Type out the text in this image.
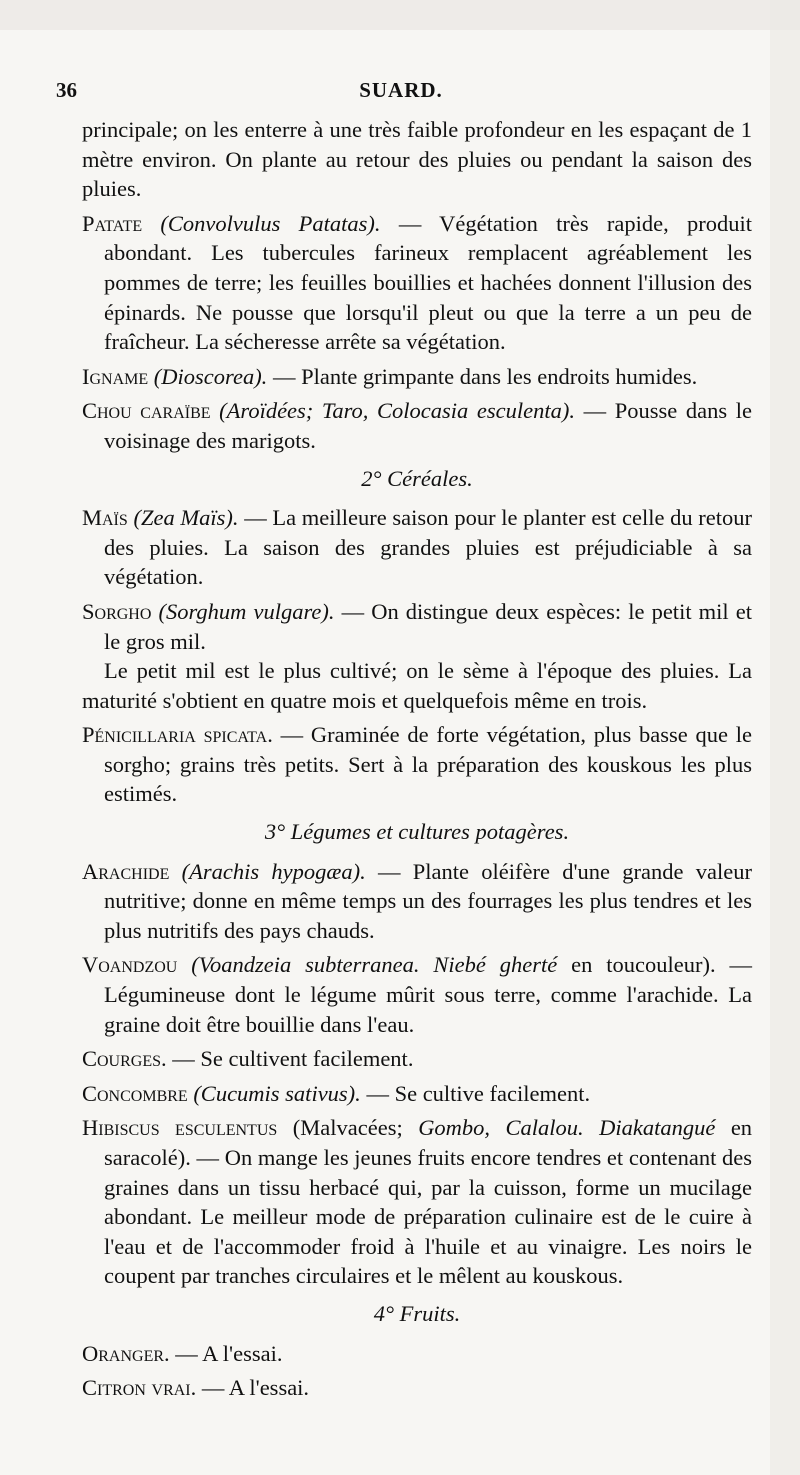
36	SUARD.

principale; on les enterre à une très faible profondeur en les espaçant de 1 mètre environ. On plante au retour des pluies ou pendant la saison des pluies.

Patate (Convolvulus Patatas). — Végétation très rapide, produit abondant. Les tubercules farineux remplacent agréablement les pommes de terre; les feuilles bouillies et hachées donnent l'illusion des épinards. Ne pousse que lorsqu'il pleut ou que la terre a un peu de fraîcheur. La sécheresse arrête sa végétation.

Igname (Dioscorea). — Plante grimpante dans les endroits humides.

Chou caraïbe (Aroïdées; Taro, Colocasia esculenta). — Pousse dans le voisinage des marigots.

2° Céréales.

Maïs (Zea Maïs). — La meilleure saison pour le planter est celle du retour des pluies. La saison des grandes pluies est préjudiciable à sa végétation.

Sorgho (Sorghum vulgare). — On distingue deux espèces: le petit mil et le gros mil.

Le petit mil est le plus cultivé; on le sème à l'époque des pluies. La maturité s'obtient en quatre mois et quelquefois même en trois.

Pénicillaria spicata. — Graminée de forte végétation, plus basse que le sorgho; grains très petits. Sert à la préparation des kouskous les plus estimés.

3° Légumes et cultures potagères.

Arachide (Arachis hypogæa). — Plante oléifère d'une grande valeur nutritive; donne en même temps un des fourrages les plus tendres et les plus nutritifs des pays chauds.

Voandzou (Voandzeia subterranea. Niebé gherté en toucouleur). — Légumineuse dont le légume mûrit sous terre, comme l'arachide. La graine doit être bouillie dans l'eau.

Courges. — Se cultivent facilement.

Concombre (Cucumis sativus). — Se cultive facilement.

Hibiscus esculentus (Malvacées; Gombo, Calalou. Diakatangué en saracolé). — On mange les jeunes fruits encore tendres et contenant des graines dans un tissu herbacé qui, par la cuisson, forme un mucilage abondant. Le meilleur mode de préparation culinaire est de le cuire à l'eau et de l'accommoder froid à l'huile et au vinaigre. Les noirs le coupent par tranches circulaires et le mêlent au kouskous.

4° Fruits.

Oranger. — A l'essai.

Citron vrai. — A l'essai.
